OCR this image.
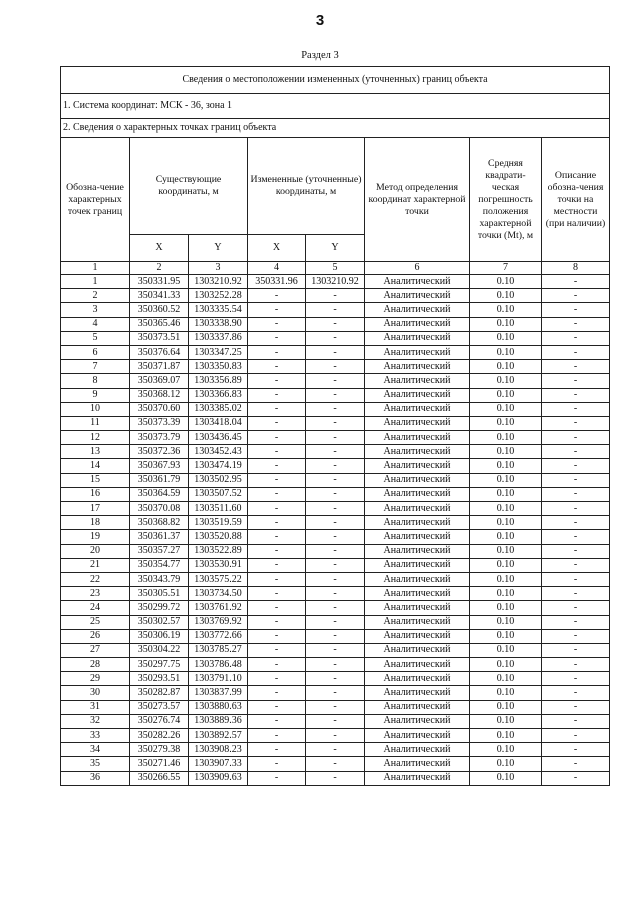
3
Раздел 3
Сведения о местоположении измененных (уточненных) границ объекта							
1. Система координат: МСК - 36, зона 1							
2. Сведения о характерных точках границ объекта							
Обозна-чение характерных точек границ	Существующие координаты, м		Измененные (уточненные) координаты, м		Метод определения координат характерной точки	Средняя квадрати-ческая погрешность положения характерной точки (Mt), м	Описание обозна-чения точки на местности (при наличии)
	X	Y	X	Y			
1	2	3	4	5	6	7	8
1	350331.95	1303210.92	350331.96	1303210.92	Аналитический	0.10	-
2	350341.33	1303252.28	-	-	Аналитический	0.10	-
3	350360.52	1303335.54	-	-	Аналитический	0.10	-
4	350365.46	1303338.90	-	-	Аналитический	0.10	-
5	350373.51	1303337.86	-	-	Аналитический	0.10	-
6	350376.64	1303347.25	-	-	Аналитический	0.10	-
7	350371.87	1303350.83	-	-	Аналитический	0.10	-
8	350369.07	1303356.89	-	-	Аналитический	0.10	-
9	350368.12	1303366.83	-	-	Аналитический	0.10	-
10	350370.60	1303385.02	-	-	Аналитический	0.10	-
11	350373.39	1303418.04	-	-	Аналитический	0.10	-
12	350373.79	1303436.45	-	-	Аналитический	0.10	-
13	350372.36	1303452.43	-	-	Аналитический	0.10	-
14	350367.93	1303474.19	-	-	Аналитический	0.10	-
15	350361.79	1303502.95	-	-	Аналитический	0.10	-
16	350364.59	1303507.52	-	-	Аналитический	0.10	-
17	350370.08	1303511.60	-	-	Аналитический	0.10	-
18	350368.82	1303519.59	-	-	Аналитический	0.10	-
19	350361.37	1303520.88	-	-	Аналитический	0.10	-
20	350357.27	1303522.89	-	-	Аналитический	0.10	-
21	350354.77	1303530.91	-	-	Аналитический	0.10	-
22	350343.79	1303575.22	-	-	Аналитический	0.10	-
23	350305.51	1303734.50	-	-	Аналитический	0.10	-
24	350299.72	1303761.92	-	-	Аналитический	0.10	-
25	350302.57	1303769.92	-	-	Аналитический	0.10	-
26	350306.19	1303772.66	-	-	Аналитический	0.10	-
27	350304.22	1303785.27	-	-	Аналитический	0.10	-
28	350297.75	1303786.48	-	-	Аналитический	0.10	-
29	350293.51	1303791.10	-	-	Аналитический	0.10	-
30	350282.87	1303837.99	-	-	Аналитический	0.10	-
31	350273.57	1303880.63	-	-	Аналитический	0.10	-
32	350276.74	1303889.36	-	-	Аналитический	0.10	-
33	350282.26	1303892.57	-	-	Аналитический	0.10	-
34	350279.38	1303908.23	-	-	Аналитический	0.10	-
35	350271.46	1303907.33	-	-	Аналитический	0.10	-
36	350266.55	1303909.63	-	-	Аналитический	0.10	-
